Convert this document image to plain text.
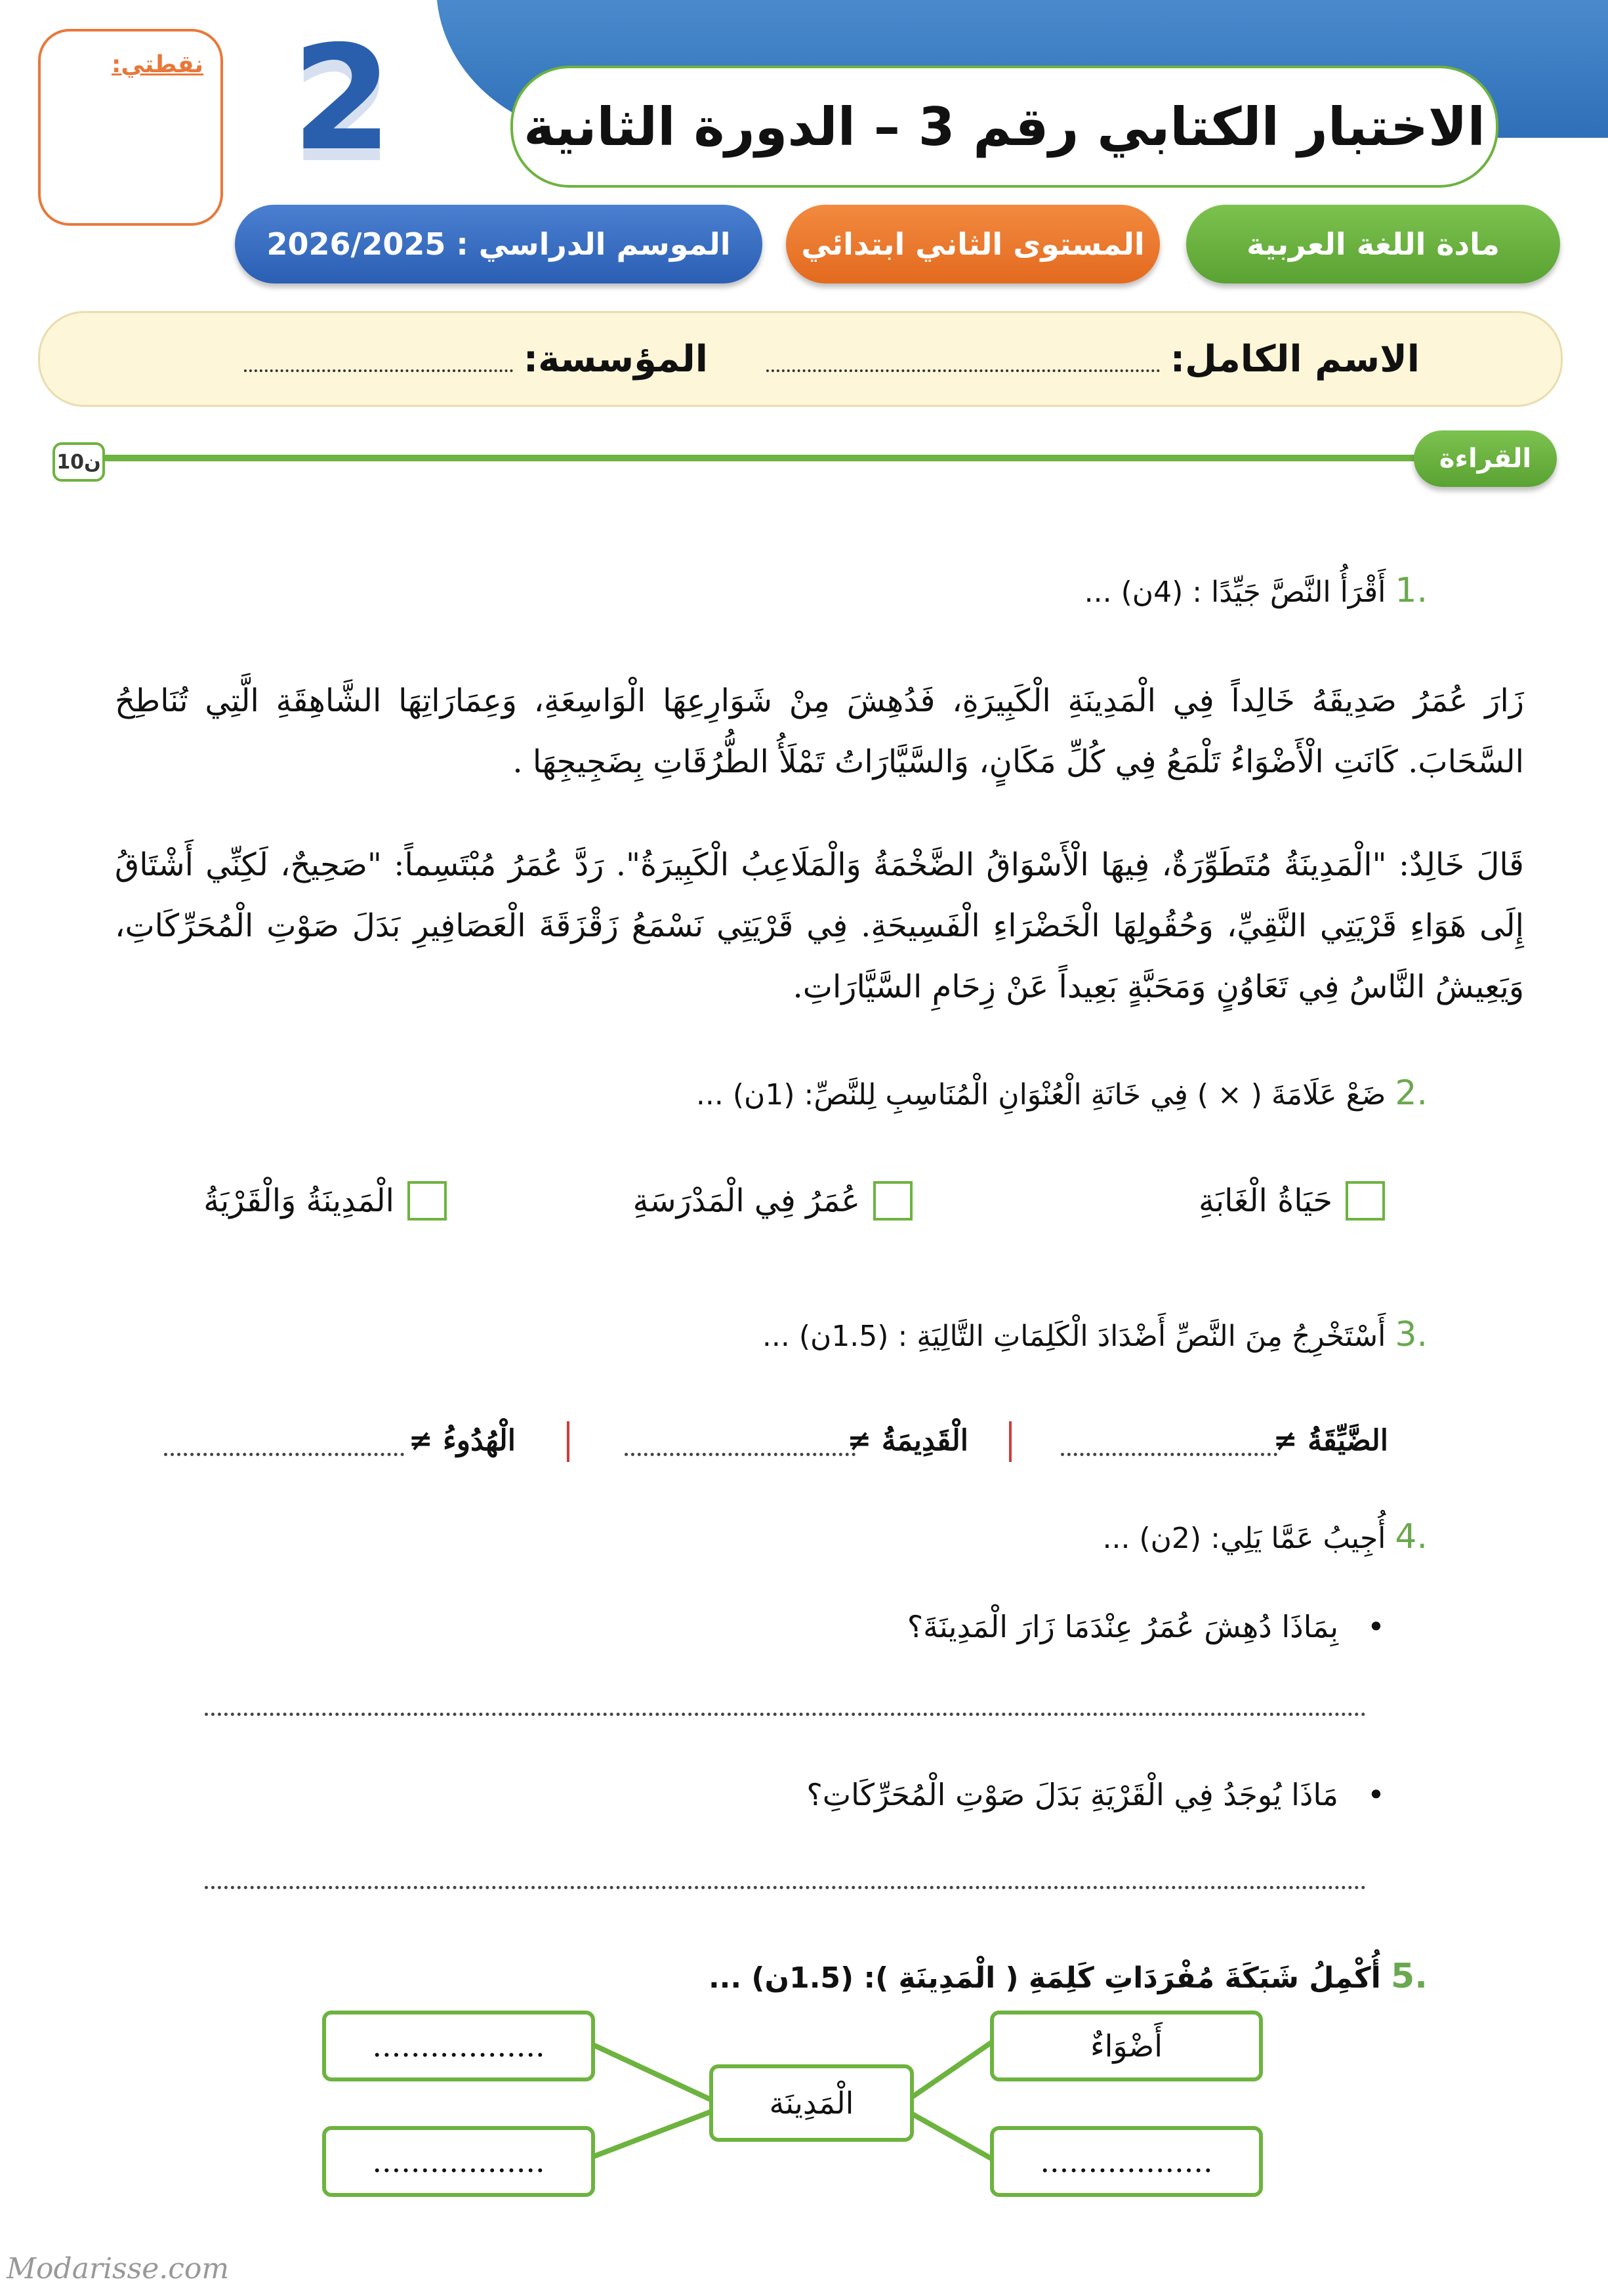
الاختبار الكتابي رقم 3 – الدورة الثانية
نقطتي: 2
مادة اللغة العربية
المستوى الثاني ابتدائي
الموسم الدراسي : 2026/2025
الاسم الكامل:
المؤسسة:
القراءة
10ن
.1 أَقْرَأُ النَّصَّ جَيِّدًا : (4ن) ...
زَارَ عُمَرُ صَدِيقَهُ خَالِداً فِي الْمَدِينَةِ الْكَبِيرَةِ، فَدُهِشَ مِنْ شَوَارِعِهَا الْوَاسِعَةِ، وَعِمَارَاتِهَا الشَّاهِقَةِ الَّتِي تُنَاطِحُ السَّحَابَ. كَانَتِ الْأَضْوَاءُ تَلْمَعُ فِي كُلِّ مَكَانٍ، وَالسَّيَّارَاتُ تَمْلَأُ الطُّرُقَاتِ بِضَجِيجِهَا .
قَالَ خَالِدٌ: "الْمَدِينَةُ مُتَطَوِّرَةٌ، فِيهَا الْأَسْوَاقُ الضَّخْمَةُ وَالْمَلَاعِبُ الْكَبِيرَةُ". رَدَّ عُمَرُ مُبْتَسِماً: "صَحِيحٌ، لَكِنِّي أَشْتَاقُ إِلَى هَوَاءِ قَرْيَتِي النَّقِيِّ، وَحُقُولِهَا الْخَضْرَاءِ الْفَسِيحَةِ. فِي قَرْيَتِي نَسْمَعُ زَقْزَقَةَ الْعَصَافِيرِ بَدَلَ صَوْتِ الْمُحَرِّكَاتِ، وَيَعِيشُ النَّاسُ فِي تَعَاوُنٍ وَمَحَبَّةٍ بَعِيداً عَنْ زِحَامِ السَّيَّارَاتِ.
.2 ضَعْ عَلَامَةَ ( × ) فِي خَانَةِ الْعُنْوَانِ الْمُنَاسِبِ لِلنَّصِّ: (1ن) ...
حَيَاةُ الْغَابَةِ
عُمَرُ فِي الْمَدْرَسَةِ
الْمَدِينَةُ وَالْقَرْيَةُ
.3 أَسْتَخْرِجُ مِنَ النَّصِّ أَضْدَادَ الْكَلِمَاتِ التَّالِيَةِ : (1.5ن) ...
الضَّيِّقَةُ ≠
الْقَدِيمَةُ ≠
الْهُدُوءُ ≠
.4 أُجِيبُ عَمَّا يَلِي: (2ن) ...
•   بِمَاذَا دُهِشَ عُمَرُ عِنْدَمَا زَارَ الْمَدِينَةَ؟
•   مَاذَا يُوجَدُ فِي الْقَرْيَةِ بَدَلَ صَوْتِ الْمُحَرِّكَاتِ؟
.5 أُكْمِلُ شَبَكَةَ مُفْرَدَاتِ كَلِمَةِ ( الْمَدِينَةِ ): (1.5ن) ...
الْمَدِينَة
أَضْوَاءٌ
..................
..................
..................
Modarisse.com
